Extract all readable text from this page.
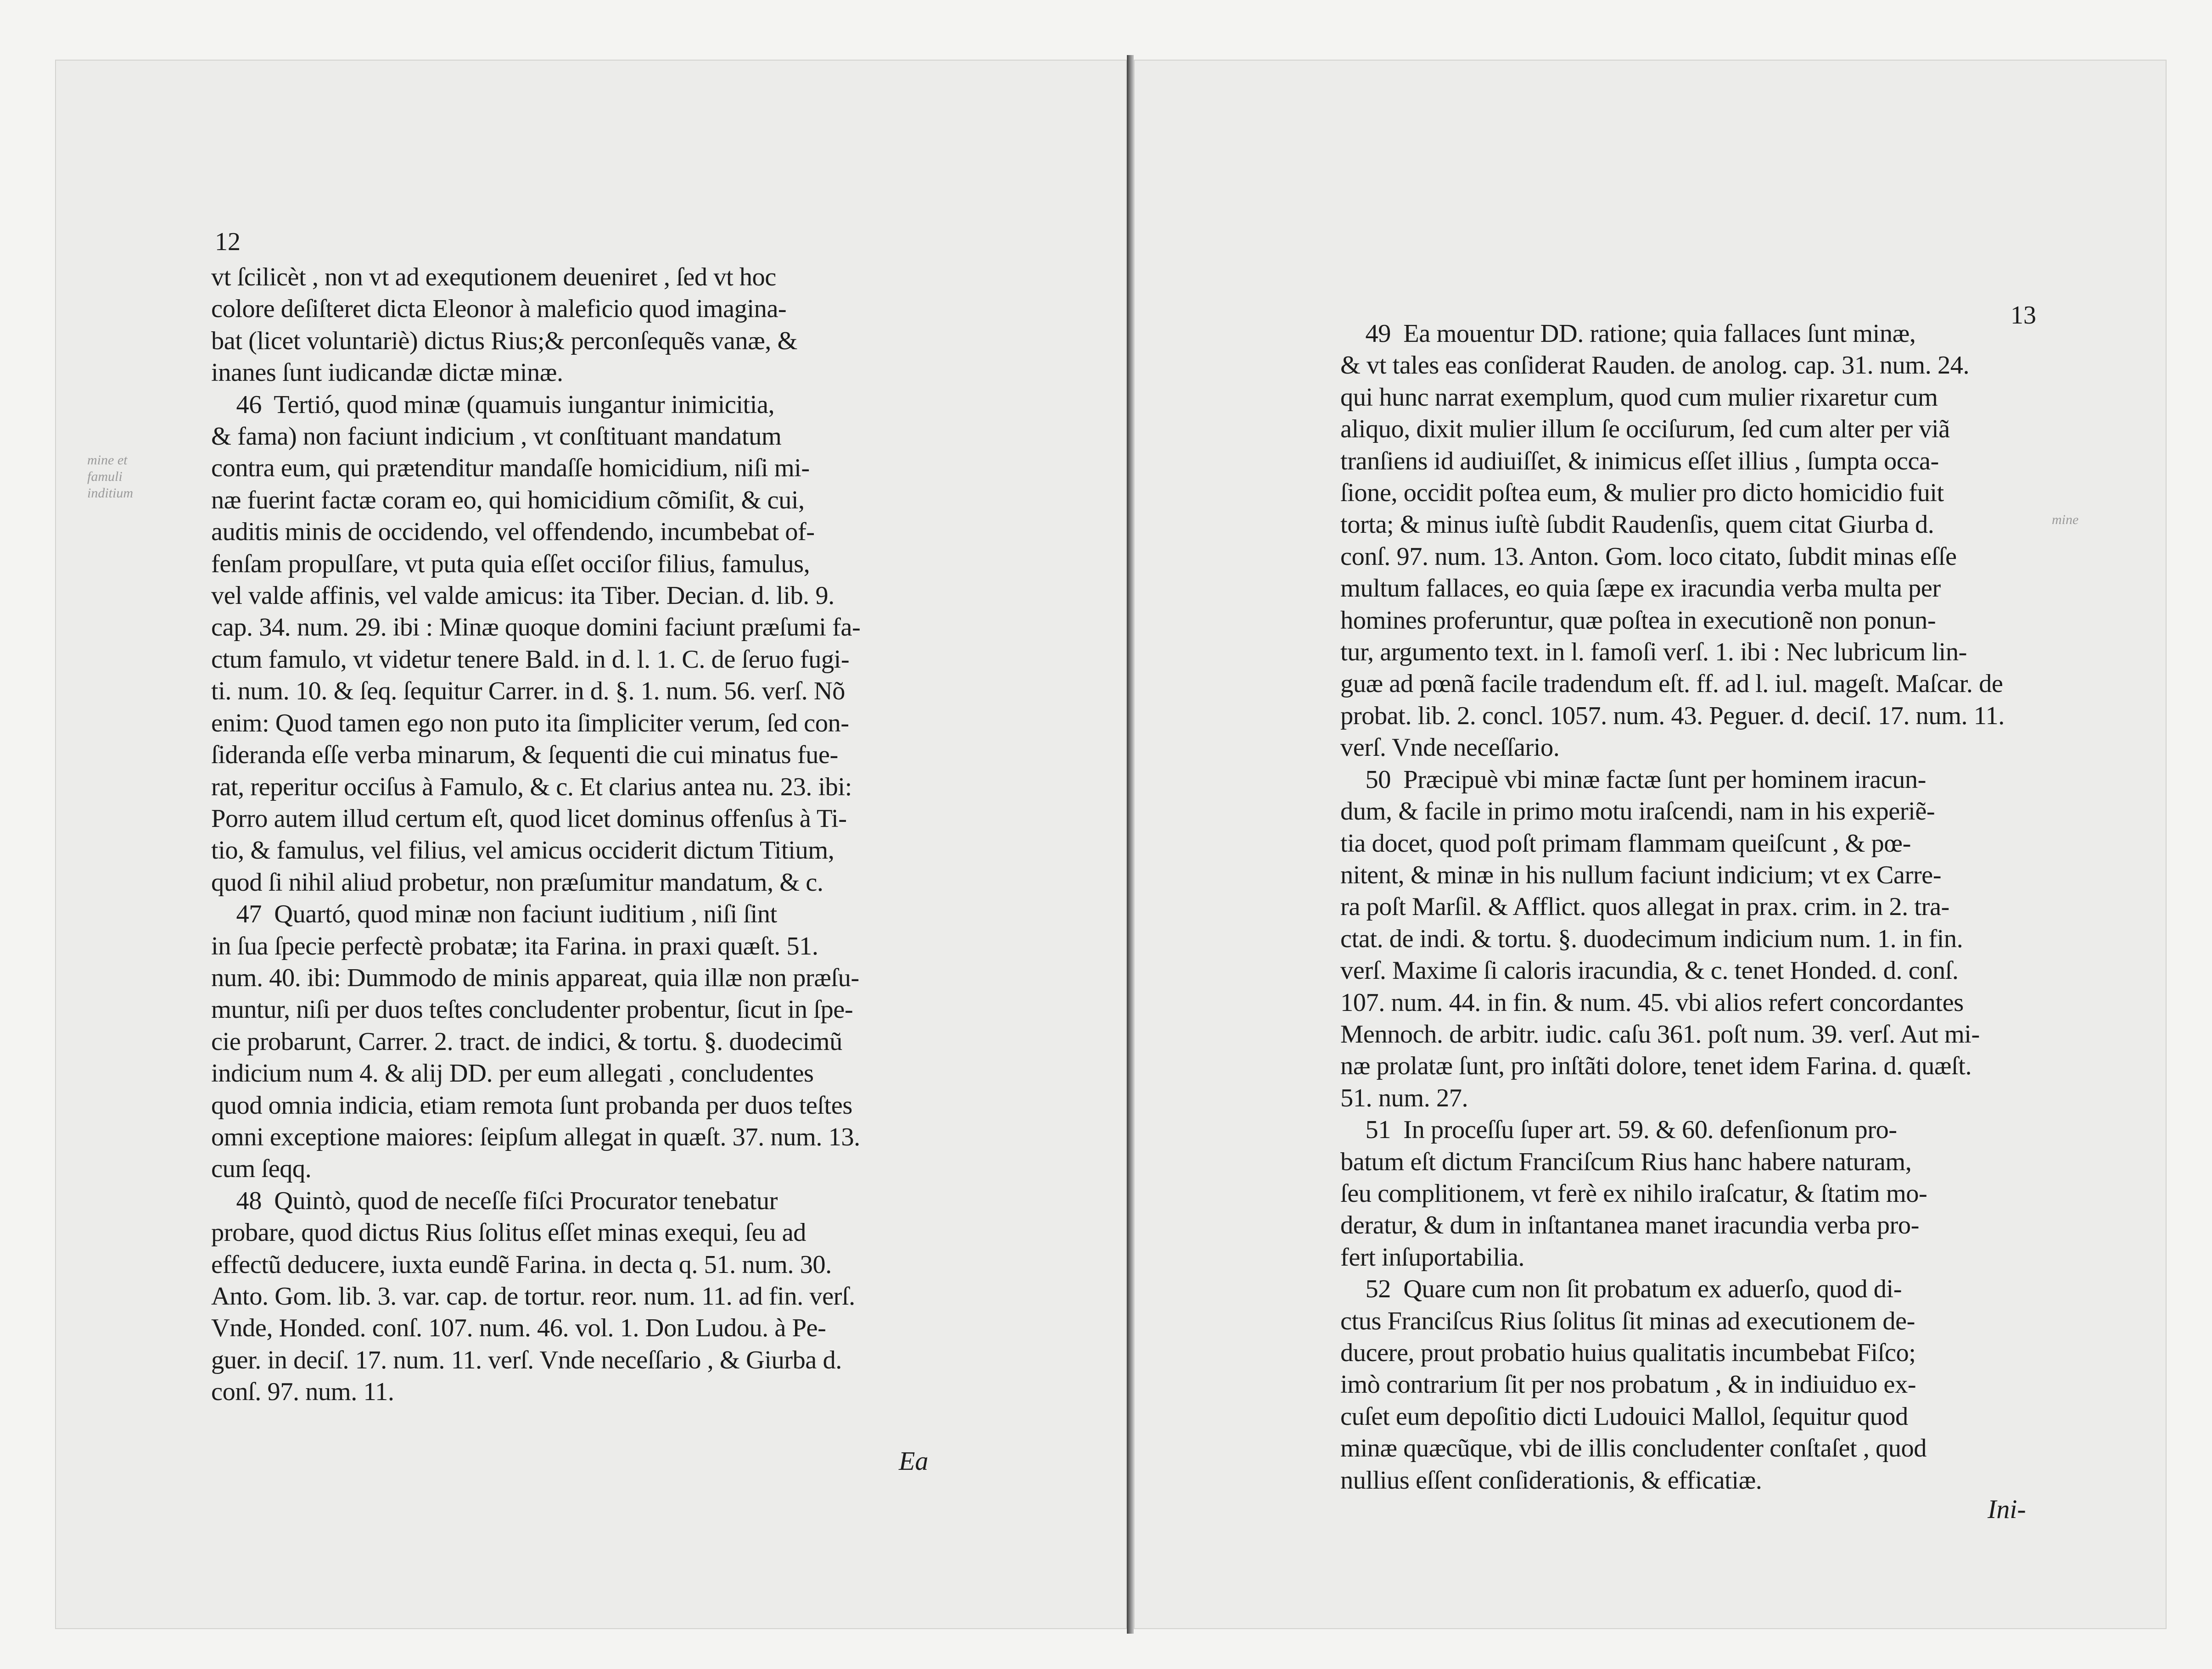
12
13
mine et famuli inditium
mine
vt ſcilicèt , non vt ad exequtionem deueniret , ſed vt hoc
colore deſiſteret dicta Eleonor à maleficio quod imagina-
bat (licet voluntariè) dictus Rius;& perconſequẽs vanæ, &
inanes ſunt iudicandæ dictæ minæ.
46  Tertió, quod minæ (quamuis iungantur inimicitia,
& fama) non faciunt indicium , vt conſtituant mandatum
contra eum, qui prætenditur mandaſſe homicidium, niſi mi-
næ fuerint factæ coram eo, qui homicidium cõmiſit, & cui,
auditis minis de occidendo, vel offendendo, incumbebat of-
fenſam propulſare, vt puta quia eſſet occiſor filius, famulus,
vel valde affinis, vel valde amicus: ita Tiber. Decian. d. lib. 9.
cap. 34. num. 29. ibi : Minæ quoque domini faciunt præſumi fa-
ctum famulo, vt videtur tenere Bald. in d. l. 1. C. de ſeruo fugi-
ti. num. 10. & ſeq. ſequitur Carrer. in d. §. 1. num. 56. verſ. Nõ
enim: Quod tamen ego non puto ita ſimpliciter verum, ſed con-
ſideranda eſſe verba minarum, & ſequenti die cui minatus fue-
rat, reperitur occiſus à Famulo, & c. Et clarius antea nu. 23. ibi:
Porro autem illud certum eſt, quod licet dominus offenſus à Ti-
tio, & famulus, vel filius, vel amicus occiderit dictum Titium,
quod ſi nihil aliud probetur, non præſumitur mandatum, & c.
47  Quartó, quod minæ non faciunt iuditium , niſi ſint
in ſua ſpecie perfectè probatæ; ita Farina. in praxi quæſt. 51.
num. 40. ibi: Dummodo de minis appareat, quia illæ non præſu-
muntur, niſi per duos teſtes concludenter probentur, ſicut in ſpe-
cie probarunt, Carrer. 2. tract. de indici, & tortu. §. duodecimũ
indicium num 4. & alij DD. per eum allegati , concludentes
quod omnia indicia, etiam remota ſunt probanda per duos teſtes
omni exceptione maiores: ſeipſum allegat in quæſt. 37. num. 13.
cum ſeqq.
48  Quintò, quod de neceſſe fiſci Procurator tenebatur
probare, quod dictus Rius ſolitus eſſet minas exequi, ſeu ad
effectũ deducere, iuxta eundẽ Farina. in decta q. 51. num. 30.
Anto. Gom. lib. 3. var. cap. de tortur. reor. num. 11. ad fin. verſ.
Vnde, Honded. conſ. 107. num. 46. vol. 1. Don Ludou. à Pe-
guer. in deciſ. 17. num. 11. verſ. Vnde neceſſario , & Giurba d.
conſ. 97. num. 11.
49  Ea mouentur DD. ratione; quia fallaces ſunt minæ,
& vt tales eas conſiderat Rauden. de anolog. cap. 31. num. 24.
qui hunc narrat exemplum, quod cum mulier rixaretur cum
aliquo, dixit mulier illum ſe occiſurum, ſed cum alter per viã
tranſiens id audiuiſſet, & inimicus eſſet illius , ſumpta occa-
ſione, occidit poſtea eum, & mulier pro dicto homicidio fuit
torta; & minus iuſtè ſubdit Raudenſis, quem citat Giurba d.
conſ. 97. num. 13. Anton. Gom. loco citato, ſubdit minas eſſe
multum fallaces, eo quia ſæpe ex iracundia verba multa per
homines proferuntur, quæ poſtea in executionẽ non ponun-
tur, argumento text. in l. famoſi verſ. 1. ibi : Nec lubricum lin-
guæ ad pœnã facile tradendum eſt. ff. ad l. iul. mageſt. Maſcar. de
probat. lib. 2. concl. 1057. num. 43. Peguer. d. deciſ. 17. num. 11.
verſ. Vnde neceſſario.
50  Præcipuè vbi minæ factæ ſunt per hominem iracun-
dum, & facile in primo motu iraſcendi, nam in his experiẽ-
tia docet, quod poſt primam flammam queiſcunt , & pœ-
nitent, & minæ in his nullum faciunt indicium; vt ex Carre-
ra poſt Marſil. & Afflict. quos allegat in prax. crim. in 2. tra-
ctat. de indi. & tortu. §. duodecimum indicium num. 1. in fin.
verſ. Maxime ſi caloris iracundia, & c. tenet Honded. d. conſ.
107. num. 44. in fin. & num. 45. vbi alios refert concordantes
Mennoch. de arbitr. iudic. caſu 361. poſt num. 39. verſ. Aut mi-
næ prolatæ ſunt, pro inſtãti dolore, tenet idem Farina. d. quæſt.
51. num. 27.
51  In proceſſu ſuper art. 59. & 60. defenſionum pro-
batum eſt dictum Franciſcum Rius hanc habere naturam,
ſeu complitionem, vt ferè ex nihilo iraſcatur, & ſtatim mo-
deratur, & dum in inſtantanea manet iracundia verba pro-
fert inſuportabilia.
52  Quare cum non ſit probatum ex aduerſo, quod di-
ctus Franciſcus Rius ſolitus ſit minas ad executionem de-
ducere, prout probatio huius qualitatis incumbebat Fiſco;
imò contrarium ſit per nos probatum , & in indiuiduo ex-
cuſet eum depoſitio dicti Ludouici Mallol, ſequitur quod
minæ quæcũque, vbi de illis concludenter conſtaſet , quod
nullius eſſent conſiderationis, & efficatiæ.
Ea
Ini-
